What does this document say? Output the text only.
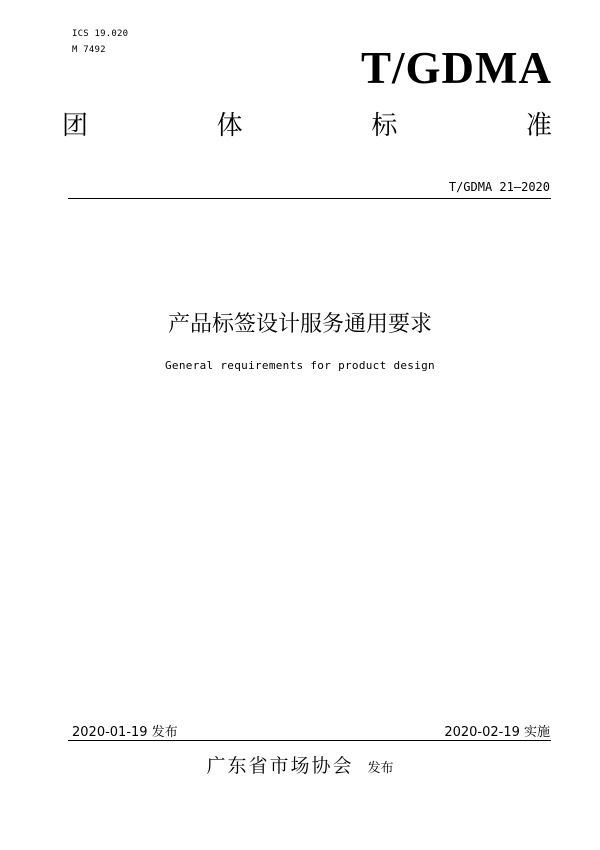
ICS 19.020
M 7492	T/GDMA
团	体	标	准
T/GDMA 21—2020
产品标签设计服务通用要求
General requirements for product design
2020-01-19 发布	2020-02-19 实施
广东省市场协会 发布
